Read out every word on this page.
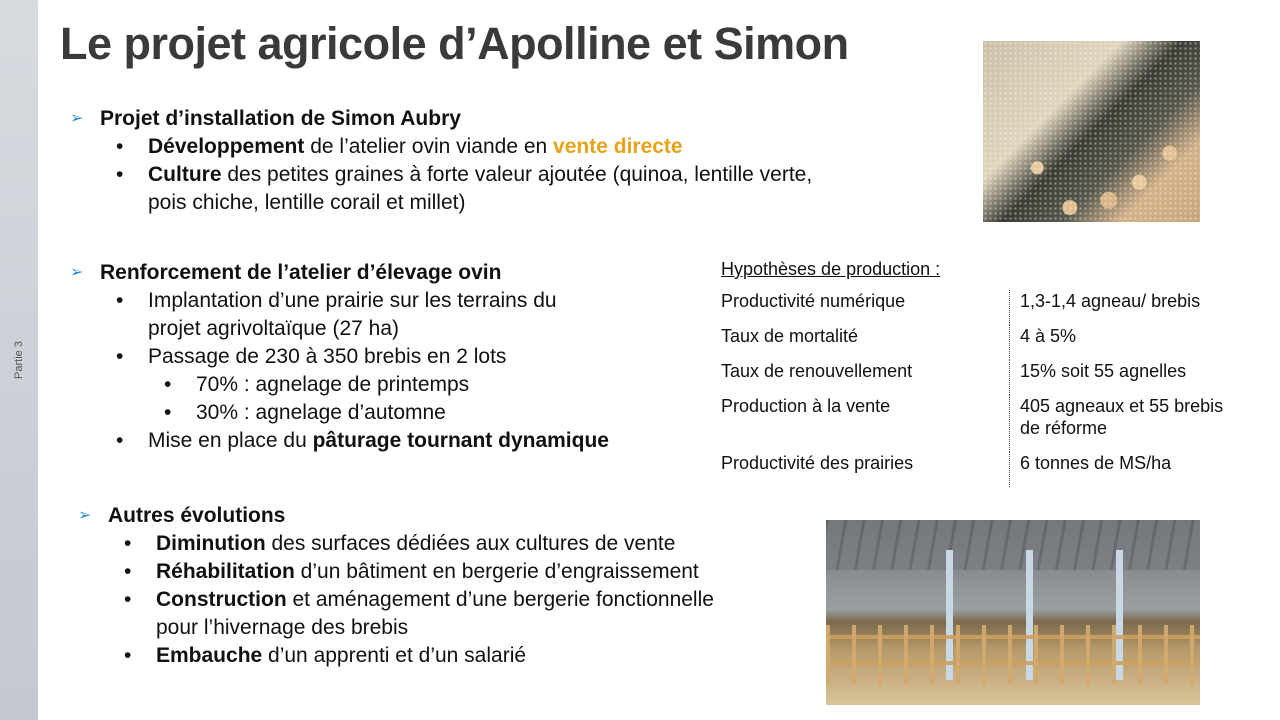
Partie 3
Le projet agricole d’Apolline et Simon
➢ Projet d’installation de Simon Aubry
•	Développement de l’atelier ovin viande en vente directe
•	Culture des petites graines à forte valeur ajoutée (quinoa, lentille verte,
pois chiche, lentille corail et millet)
➢ Renforcement de l’atelier d’élevage ovin
•	Implantation d’une prairie sur les terrains du
projet agrivoltaïque (27 ha)
•	Passage de 230 à 350 brebis en 2 lots
•	70% : agnelage de printemps
•	30% : agnelage d’automne
•	Mise en place du pâturage tournant dynamique
➢ Autres évolutions
•	Diminution des surfaces dédiées aux cultures de vente
•	Réhabilitation d’un bâtiment en bergerie d’engraissement
•	Construction et aménagement d’une bergerie fonctionnelle
pour l’hivernage des brebis
•	Embauche d’un apprenti et d’un salarié
Hypothèses de production :
Productivité numérique	1,3-1,4 agneau/ brebis
Taux de mortalité	4 à 5%
Taux de renouvellement	15% soit 55 agnelles
Production à la vente	405 agneaux et 55 brebis
de réforme
Productivité des prairies	6 tonnes de MS/ha
